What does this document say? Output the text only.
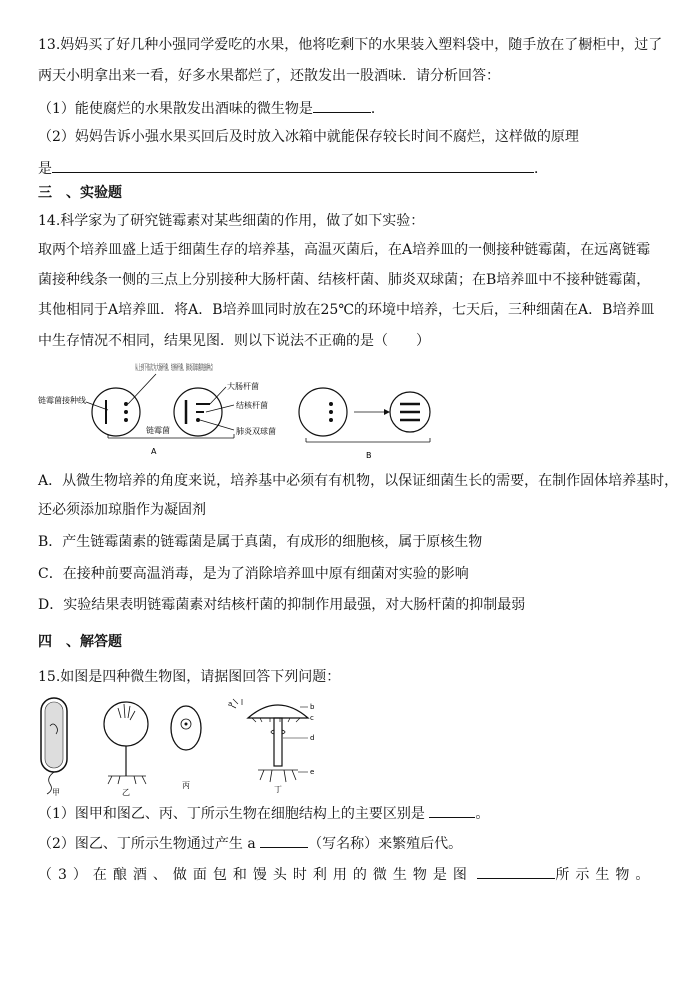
13.妈妈买了好几种小强同学爱吃的水果，他将吃剩下的水果装入塑料袋中，随手放在了橱柜中，过了
两天小明拿出来一看，好多水果都烂了，还散发出一股酒味．请分析回答：
（1）能使腐烂的水果散发出酒味的微生物是	．
（2）妈妈告诉小强水果买回后及时放入冰箱中就能保存较长时间不腐烂，这样做的原理
是	．
三　、实验题
14.科学家为了研究链霉素对某些细菌的作用，做了如下实验：
取两个培养皿盛上适于细菌生存的培养基，高温灭菌后，在A培养皿的一侧接种链霉菌，在远离链霉
菌接种线条一侧的三点上分别接种大肠杆菌、结核杆菌、肺炎双球菌；在B培养皿中不接种链霉菌，
其他相同于A培养皿．将A．B培养皿同时放在25℃的环境中培养，七天后，三种细菌在A．B培养皿
中生存情况不相同，结果见图．则以下说法不正确的是（　　）
链霉菌接种线
从上到下依次为大肠杆菌、结核杆菌、肺炎双球菌的接种点
大肠杆菌
结核杆菌
肺炎双球菌
链霉菌
A	B
A．从微生物培养的角度来说，培养基中必须有有机物，以保证细菌生长的需要，在制作固体培养基时，
还必须添加琼脂作为凝固剂
B．产生链霉菌素的链霉菌是属于真菌，有成形的细胞核，属于原核生物
C．在接种前要高温消毒，是为了消除培养皿中原有细菌对实验的影响
D．实验结果表明链霉菌素对结核杆菌的抑制作用最强，对大肠杆菌的抑制最弱
四　、解答题
15.如图是四种微生物图，请据图回答下列问题：
甲	乙
丙
a	b
c
d
e
丁
（1）图甲和图乙、丙、丁所示生物在细胞结构上的主要区别是	。
（2）图乙、丁所示生物通过产生 a	（写名称）来繁殖后代。
（3）在酿酒、做面包和馒头时利用的微生物是图	所示生物。
